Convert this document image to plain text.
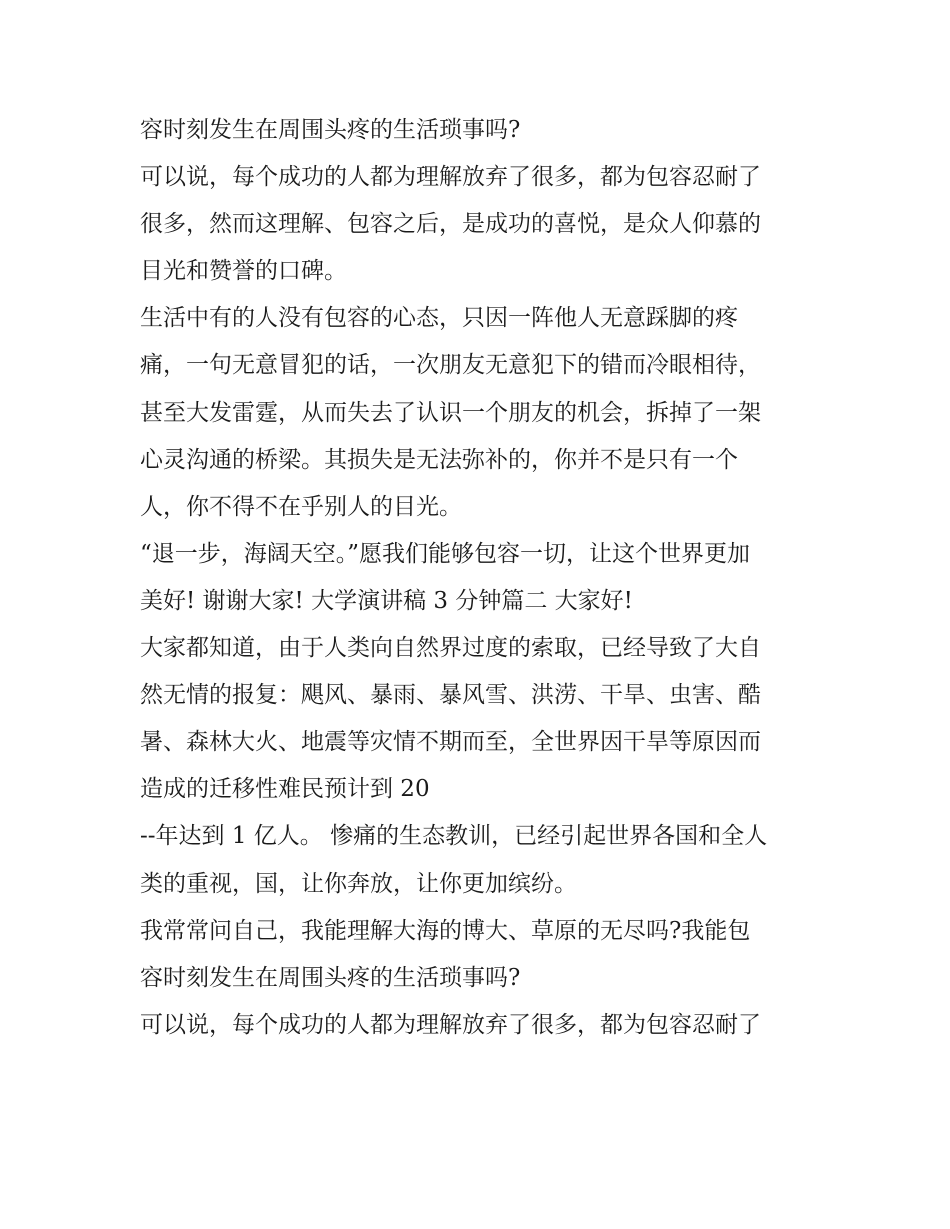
容时刻发生在周围头疼的生活琐事吗?

可以说，每个成功的人都为理解放弃了很多，都为包容忍耐了

很多，然而这理解、包容之后，是成功的喜悦，是众人仰慕的

目光和赞誉的口碑。

生活中有的人没有包容的心态，只因一阵他人无意踩脚的疼

痛，一句无意冒犯的话，一次朋友无意犯下的错而冷眼相待，

甚至大发雷霆，从而失去了认识一个朋友的机会，拆掉了一架

心灵沟通的桥梁。其损失是无法弥补的，你并不是只有一个

人，你不得不在乎别人的目光。

“退一步，海阔天空。”愿我们能够包容一切，让这个世界更加

美好! 谢谢大家! 大学演讲稿 3 分钟篇二 大家好!

大家都知道，由于人类向自然界过度的索取，已经导致了大自

然无情的报复：飓风、暴雨、暴风雪、洪涝、干旱、虫害、酷

暑、森林大火、地震等灾情不期而至，全世界因干旱等原因而

造成的迁移性难民预计到 20

--年达到 1 亿人。 惨痛的生态教训，已经引起世界各国和全人

类的重视，国，让你奔放，让你更加缤纷。

我常常问自己，我能理解大海的博大、草原的无尽吗?我能包

容时刻发生在周围头疼的生活琐事吗?

可以说，每个成功的人都为理解放弃了很多，都为包容忍耐了
